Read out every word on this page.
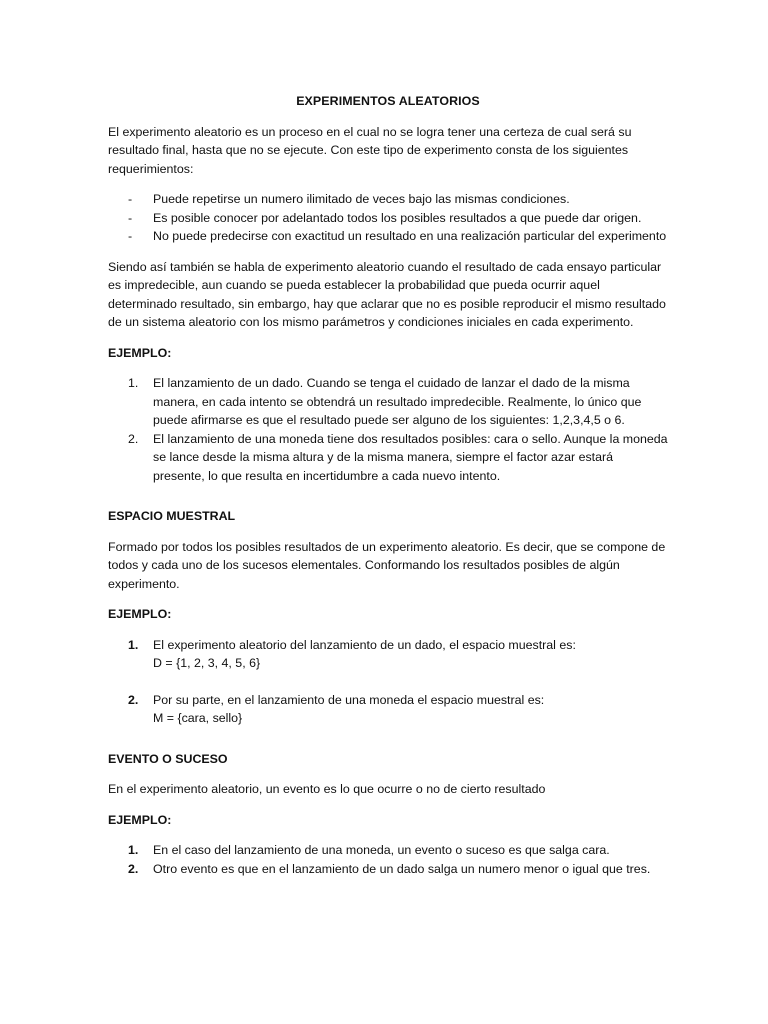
EXPERIMENTOS ALEATORIOS

El experimento aleatorio es un proceso en el cual no se logra tener una certeza de cual será su resultado final, hasta que no se ejecute. Con este tipo de experimento consta de los siguientes requerimientos:

- Puede repetirse un numero ilimitado de veces bajo las mismas condiciones.
- Es posible conocer por adelantado todos los posibles resultados a que puede dar origen.
- No puede predecirse con exactitud un resultado en una realización particular del experimento

Siendo así también se habla de experimento aleatorio cuando el resultado de cada ensayo particular es impredecible, aun cuando se pueda establecer la probabilidad que pueda ocurrir aquel determinado resultado, sin embargo, hay que aclarar que no es posible reproducir el mismo resultado de un sistema aleatorio con los mismo parámetros y condiciones iniciales en cada experimento.

EJEMPLO:
1. El lanzamiento de un dado. Cuando se tenga el cuidado de lanzar el dado de la misma manera, en cada intento se obtendrá un resultado impredecible. Realmente, lo único que puede afirmarse es que el resultado puede ser alguno de los siguientes: 1,2,3,4,5 o 6.
2. El lanzamiento de una moneda tiene dos resultados posibles: cara o sello. Aunque la moneda se lance desde la misma altura y de la misma manera, siempre el factor azar estará presente, lo que resulta en incertidumbre a cada nuevo intento.
ESPACIO MUESTRAL

Formado por todos los posibles resultados de un experimento aleatorio. Es decir, que se compone de todos y cada uno de los sucesos elementales. Conformando los resultados posibles de algún experimento.

EJEMPLO:
1. El experimento aleatorio del lanzamiento de un dado, el espacio muestral es:
D = {1, 2, 3, 4, 5, 6}
2. Por su parte, en el lanzamiento de una moneda el espacio muestral es:
M = {cara, sello}
EVENTO O SUCESO

En el experimento aleatorio, un evento es lo que ocurre o no de cierto resultado

EJEMPLO:
1. En el caso del lanzamiento de una moneda, un evento o suceso es que salga cara.
2. Otro evento es que en el lanzamiento de un dado salga un numero menor o igual que tres.
